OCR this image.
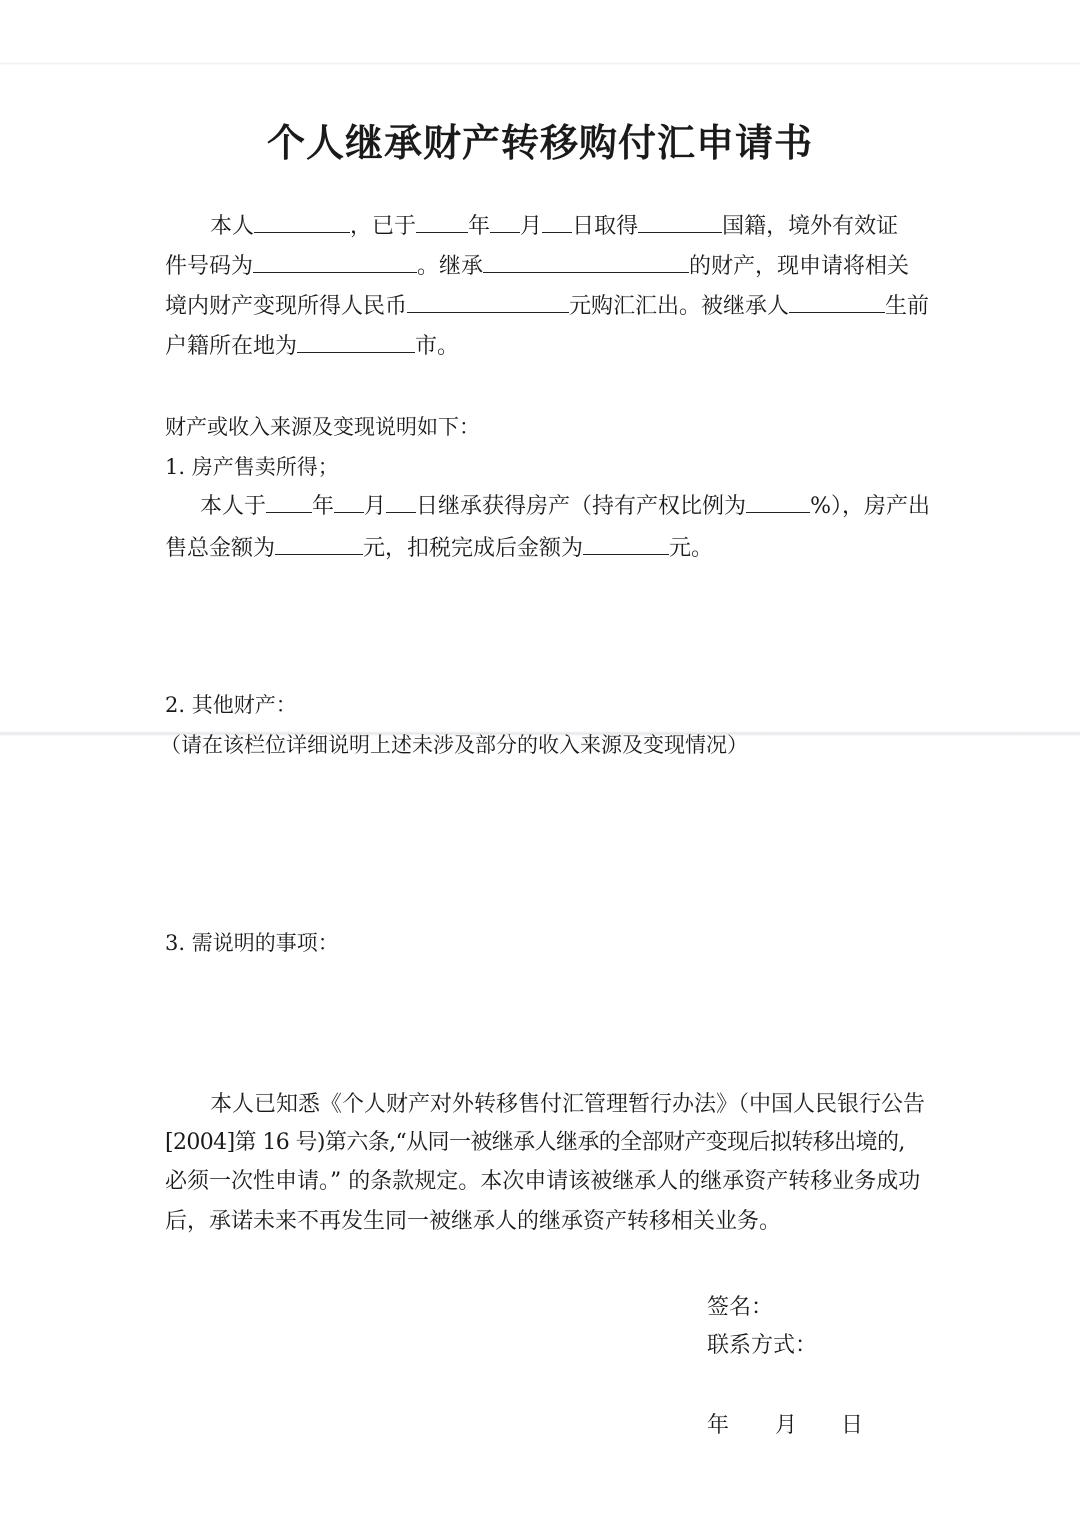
个人继承财产转移购付汇申请书
本人	，已于 年 月 日取得	国籍，境外有效证
件号码为	。继承	的财产，现申请将相关
境内财产变现所得人民币	元购汇汇出。被继承人	生前
户籍所在地为	市。
财产或收入来源及变现说明如下：
1. 房产售卖所得；
本人于 年 月 日继承获得房产（持有产权比例为	%），房产出
售总金额为	元，扣税完成后金额为	元。
2. 其他财产：
（请在该栏位详细说明上述未涉及部分的收入来源及变现情况）
3. 需说明的事项：
本人已知悉《个人财产对外转移售付汇管理暂行办法》（中国人民银行公告
[2004]第 16 号)第六条,“从同一被继承人继承的全部财产变现后拟转移出境的,
必须一次性申请。” 的条款规定。本次申请该被继承人的继承资产转移业务成功
后，承诺未来不再发生同一被继承人的继承资产转移相关业务。
签名：
联系方式：
年 月 日
